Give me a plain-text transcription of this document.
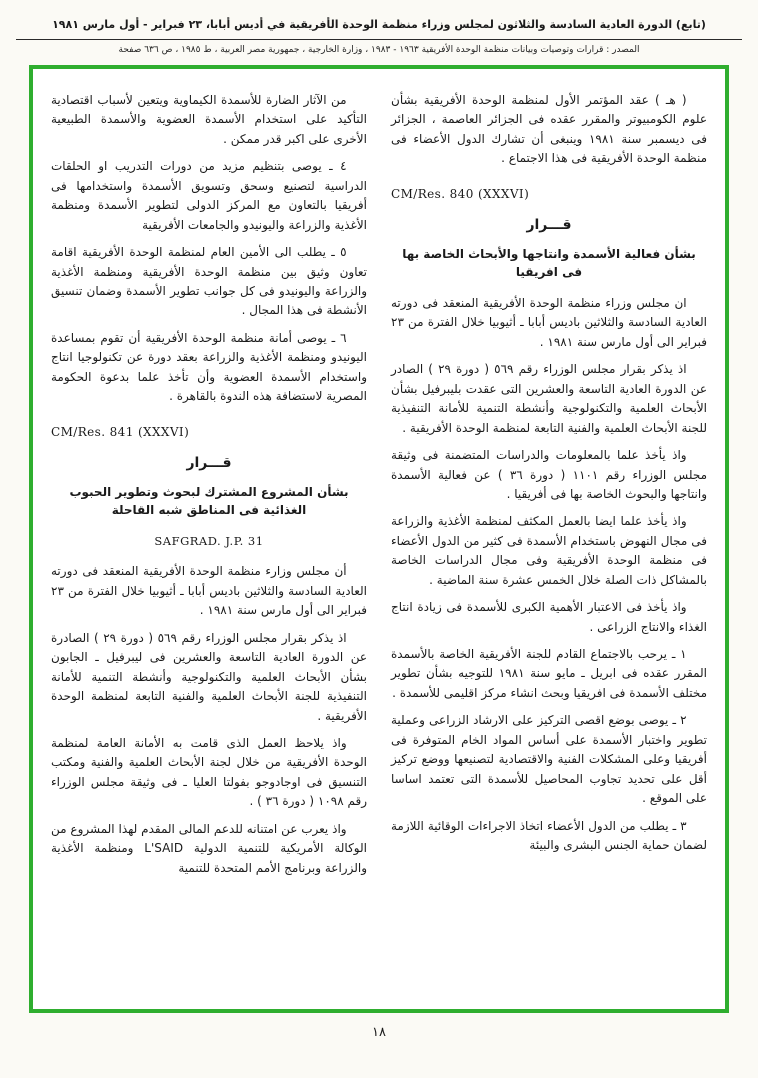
(تابع) الدورة العادية السادسة والثلاثون لمجلس وزراء منظمة الوحدة الأفريقية في أديس أبابا، ٢٣ فبراير - أول مارس ١٩٨١
المصدر : قرارات وتوصيات وبيانات منظمة الوحدة الأفريقية ١٩٦٣ - ١٩٨٣ ، وزارة الخارجية ، جمهورية مصر العربية ، ط ١٩٨٥ ، ص ٦٣٦ صفحة

( هـ ) عقد المؤتمر الأول لمنظمة الوحدة الأفريقية بشأن علوم الكومبيوتر والمقرر عقده فى الجزائر العاصمة ، الجزائر فى ديسمبر سنة ١٩٨١ وينبغى أن تشارك الدول الأعضاء فى منظمة الوحدة الأفريقية فى هذا الاجتماع .

CM/Res. 840 (XXXVI)
قـــرار
بشأن فعالية الأسمدة وانتاجها والأبحاث الخاصة بها فى افريقيا

ان مجلس وزراء منظمة الوحدة الأفريقية المنعقد فى دورته العادية السادسة والثلاثين باديس أبابا ـ أثيوبيا خلال الفترة من ٢٣ فبراير الى أول مارس سنة ١٩٨١ .

اذ يذكر بقرار مجلس الوزراء رقم ٥٦٩ ( دورة ٢٩ ) الصادر عن الدورة العادية التاسعة والعشرين التى عقدت بليبرفيل بشأن الأبحاث العلمية والتكنولوجية وأنشطة التنمية للأمانة التنفيذية للجنة الأبحاث العلمية والفنية التابعة لمنظمة الوحدة الأفريقية .

واذ يأخذ علما بالمعلومات والدراسات المتضمنة فى وثيقة مجلس الوزراء رقم ١١٠١ ( دورة ٣٦ ) عن فعالية الأسمدة وانتاجها والبحوث الخاصة بها فى أفريقيا .

واذ يأخذ علما ايضا بالعمل المكثف لمنظمة الأغذية والزراعة فى مجال النهوض باستخدام الأسمدة فى كثير من الدول الأعضاء فى منظمة الوحدة الأفريقية وفى مجال الدراسات الخاصة بالمشاكل ذات الصلة خلال الخمس عشرة سنة الماضية .

واذ يأخذ فى الاعتبار الأهمية الكبرى للأسمدة فى زيادة انتاج الغذاء والانتاج الزراعى .

١ ـ يرحب بالاجتماع القادم للجنة الأفريقية الخاصة بالأسمدة المقرر عقده فى ابريل ـ مايو سنة ١٩٨١ للتوجيه بشأن تطوير مختلف الأسمدة فى افريقيا وبحث انشاء مركز اقليمى للأسمدة .

٢ ـ يوصى بوضع اقصى التركيز على الارشاد الزراعى وعملية تطوير واختبار الأسمدة على أساس المواد الخام المتوفرة فى أفريقيا وعلى المشكلات الفنية والاقتصادية لتصنيعها ووضع تركيز أقل على تحديد تجاوب المحاصيل للأسمدة التى تعتمد اساسا على الموقع .

٣ ـ يطلب من الدول الأعضاء اتخاذ الاجراءات الوقائية اللازمة لضمان حماية الجنس البشرى والبيئة

من الآثار الضارة للأسمدة الكيماوية ويتعين لأسباب اقتصادية التأكيد على استخدام الأسمدة العضوية والأسمدة الطبيعية الأخرى على اكبر قدر ممكن .

٤ ـ يوصى بتنظيم مزيد من دورات التدريب او الحلقات الدراسية لتصنيع وسحق وتسويق الأسمدة واستخدامها فى أفريقيا بالتعاون مع المركز الدولى لتطوير الأسمدة ومنظمة الأغذية والزراعة واليونيدو والجامعات الأفريقية

٥ ـ يطلب الى الأمين العام لمنظمة الوحدة الأفريقية اقامة تعاون وثيق بين منظمة الوحدة الأفريقية ومنظمة الأغذية والزراعة واليونيدو فى كل جوانب تطوير الأسمدة وضمان تنسيق الأنشطة فى هذا المجال .

٦ ـ يوصى أمانة منظمة الوحدة الأفريقية أن تقوم بمساعدة اليونيدو ومنظمة الأغذية والزراعة بعقد دورة عن تكنولوجيا انتاج واستخدام الأسمدة العضوية وأن تأخذ علما بدعوة الحكومة المصرية لاستضافة هذه الندوة بالقاهرة .

CM/Res. 841 (XXXVI)
قـــرار
بشأن المشروع المشترك لبحوث وتطوير الحبوب الغذائية فى المناطق شبه القاحلة
SAFGRAD. J.P. 31

أن مجلس وزارء منظمة الوحدة الأفريقية المنعقد فى دورته العادية السادسة والثلاثين باديس أبابا ـ أثيوبيا خلال الفترة من ٢٣ فبراير الى أول مارس سنة ١٩٨١ .

اذ يذكر بقرار مجلس الوزراء رقم ٥٦٩ ( دورة ٢٩ ) الصادرة عن الدورة العادية التاسعة والعشرين فى ليبرفيل ـ الجابون بشأن الأبحاث العلمية والتكنولوجية وأنشطة التنمية للأمانة التنفيذية للجنة الأبحاث العلمية والفنية التابعة لمنظمة الوحدة الأفريقية .

واذ يلاحظ العمل الذى قامت به الأمانة العامة لمنظمة الوحدة الأفريقية من خلال لجنة الأبحاث العلمية والفنية ومكتب التنسيق فى اوجادوجو بفولتا العليا ـ فى وثيقة مجلس الوزراء رقم ١٠٩٨ ( دورة ٣٦ ) .

واذ يعرب عن امتنانه للدعم المالى المقدم لهذا المشروع من الوكالة الأمريكية للتنمية الدولية L'SAID ومنظمة الأغذية والزراعة وبرنامج الأمم المتحدة للتنمية

١٨
